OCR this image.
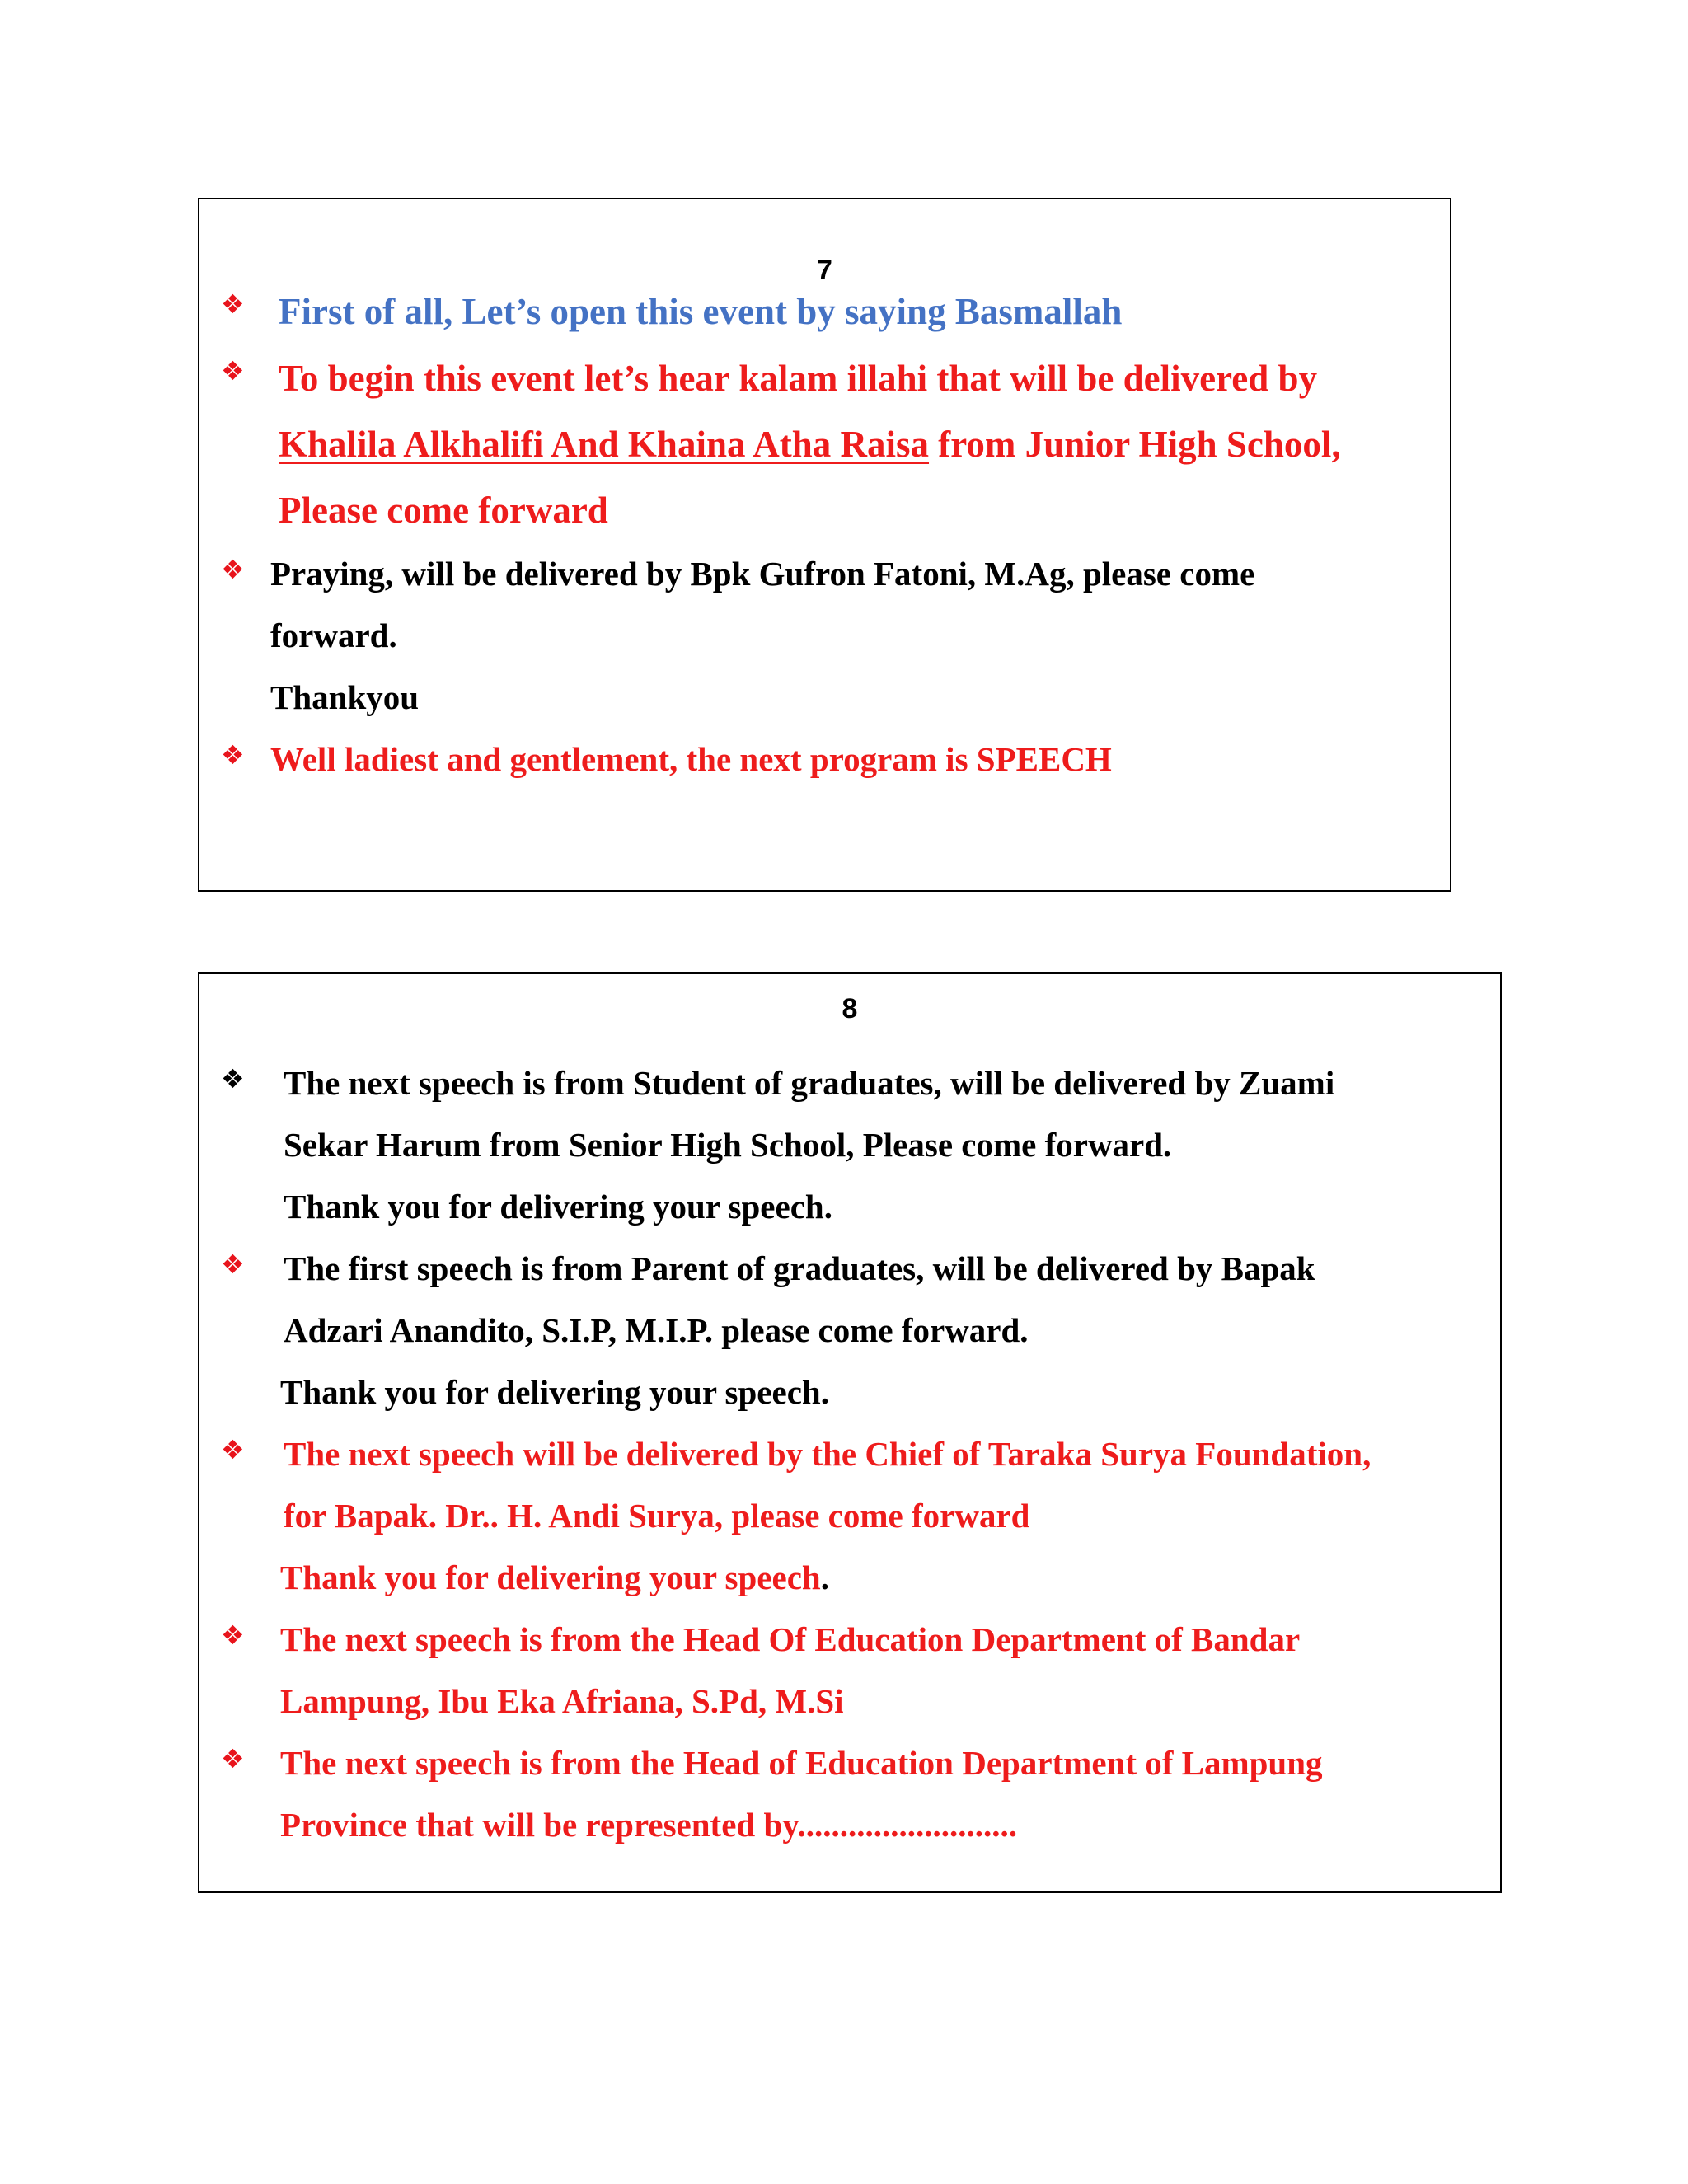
7
❖ First of all, Let’s open this event by saying Basmallah
❖ To begin this event let’s hear kalam illahi that will be delivered by
Khalila Alkhalifi And Khaina Atha Raisa from Junior High School,
Please come forward
❖ Praying, will be delivered by Bpk Gufron Fatoni, M.Ag, please come
forward.
Thankyou
❖ Well ladiest and gentlement, the next program is SPEECH
8
❖ The next speech is from Student of graduates, will be delivered by Zuami
Sekar Harum from Senior High School, Please come forward.
Thank you for delivering your speech.
❖ The first speech is from Parent of graduates, will be delivered by Bapak
Adzari Anandito, S.I.P, M.I.P. please come forward.
Thank you for delivering your speech.
❖ The next speech will be delivered by the Chief of Taraka Surya Foundation,
for Bapak. Dr.. H. Andi Surya, please come forward
Thank you for delivering your speech.
❖ The next speech is from the Head Of Education Department of Bandar
Lampung, Ibu Eka Afriana, S.Pd, M.Si
❖ The next speech is from the Head of Education Department of Lampung
Province that will be represented by..........................
